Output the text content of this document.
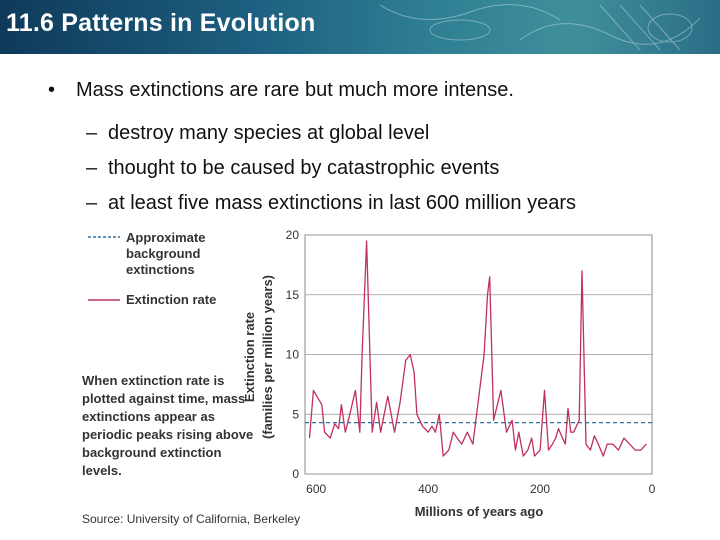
11.6 Patterns in Evolution
• Mass extinctions are rare but much more intense.
– destroy many species at global level
– thought to be caused by catastrophic events
– at least five mass extinctions in last 600 million years
Approximate background extinctions
Extinction rate
When extinction rate is plotted against time, mass extinctions appear as periodic peaks rising above background extinction levels.
Source: University of California, Berkeley
0
5
10
15
20
600	400	200	0
Millions of years ago
Extinction rate (families per million years)
